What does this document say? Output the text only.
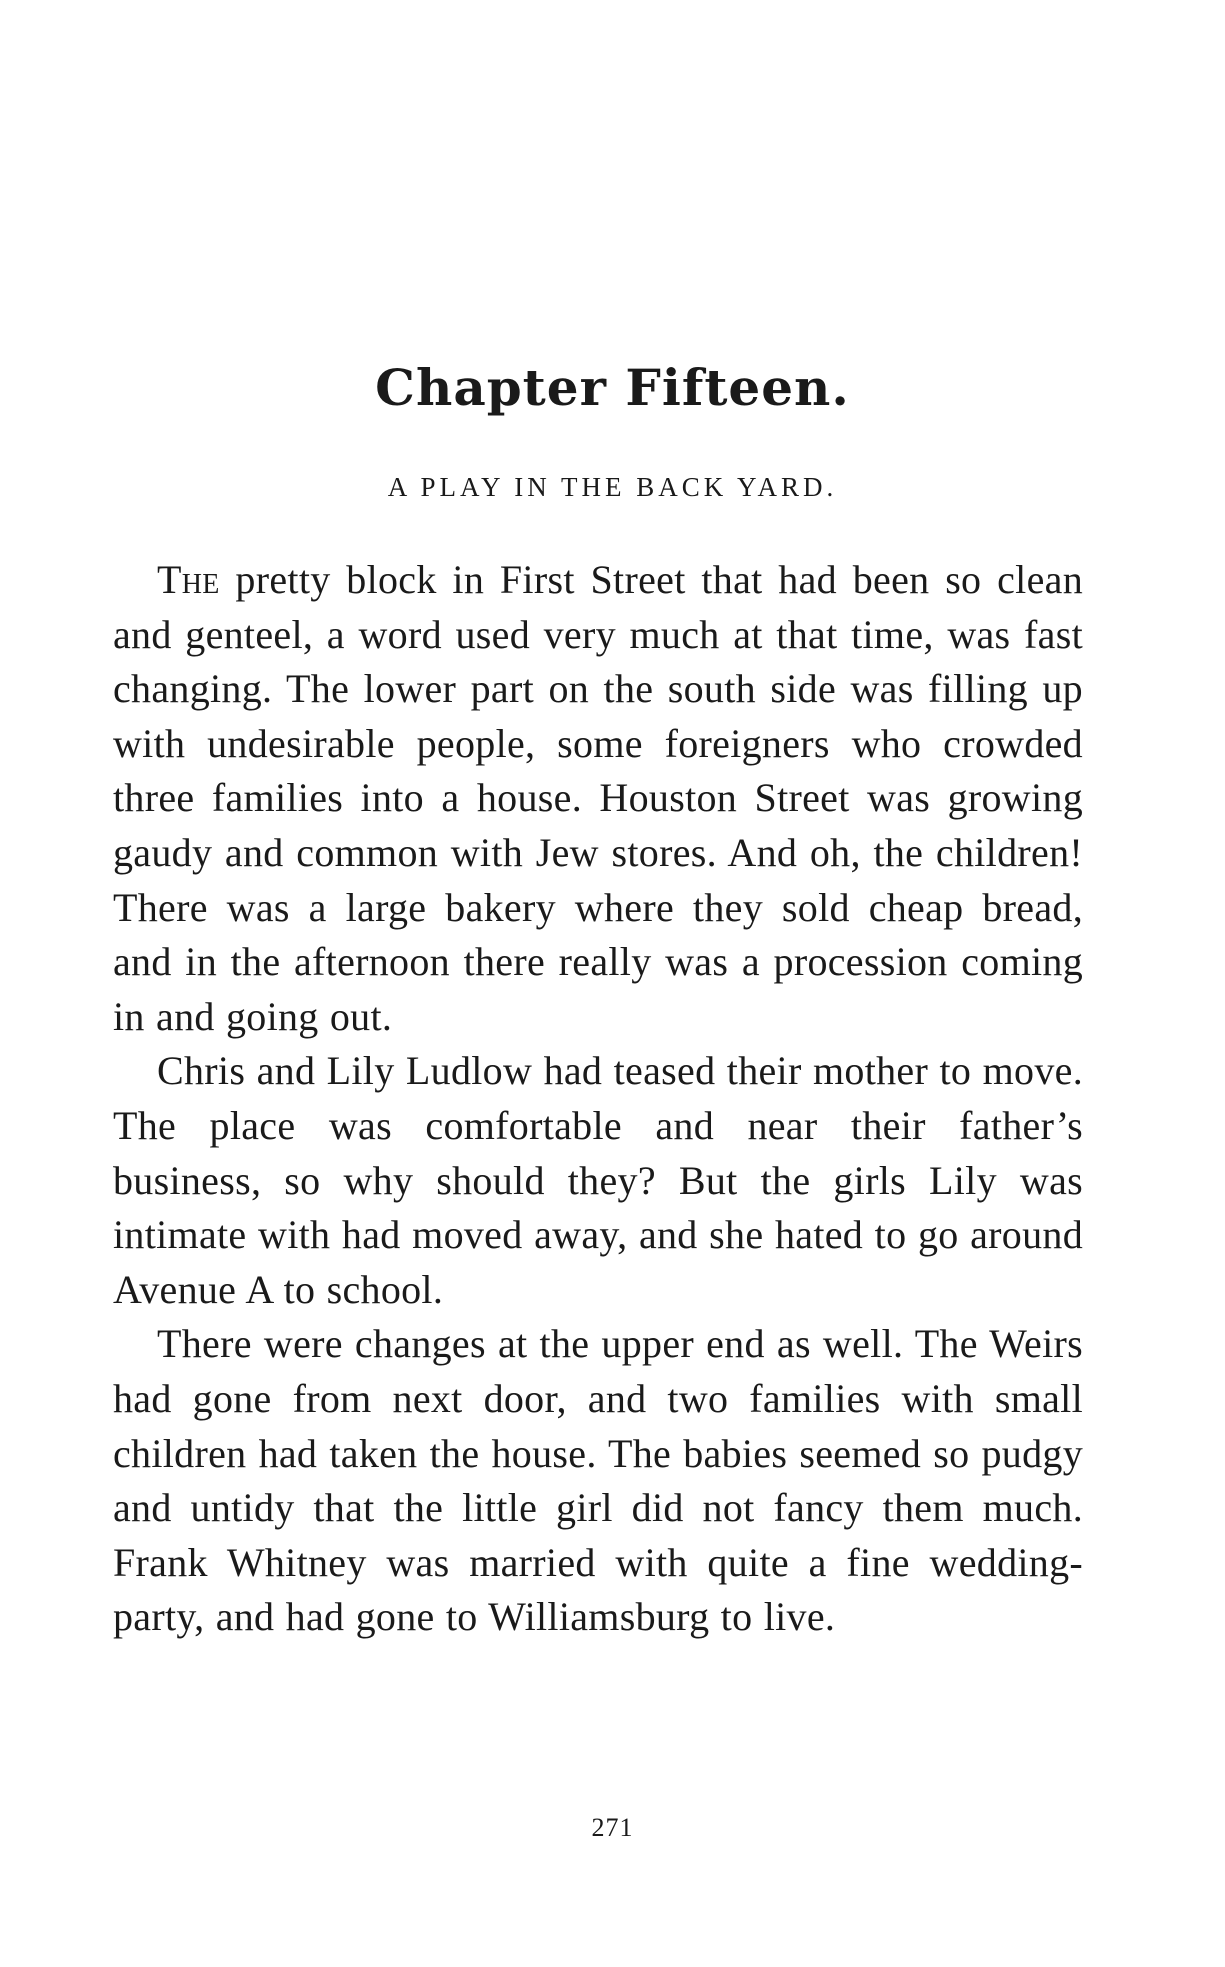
Chapter Fifteen.
A PLAY IN THE BACK YARD.

The pretty block in First Street that had been so clean and genteel, a word used very much at that time, was fast changing. The lower part on the south side was filling up with undesirable people, some foreigners who crowded three families into a house. Houston Street was growing gaudy and common with Jew stores. And oh, the children! There was a large bakery where they sold cheap bread, and in the afternoon there really was a procession coming in and going out.

Chris and Lily Ludlow had teased their mother to move. The place was comfortable and near their father’s business, so why should they? But the girls Lily was intimate with had moved away, and she hated to go around Avenue A to school.

There were changes at the upper end as well. The Weirs had gone from next door, and two families with small children had taken the house. The babies seemed so pudgy and untidy that the little girl did not fancy them much. Frank Whitney was married with quite a fine wedding-party, and had gone to Williamsburg to live.

271
